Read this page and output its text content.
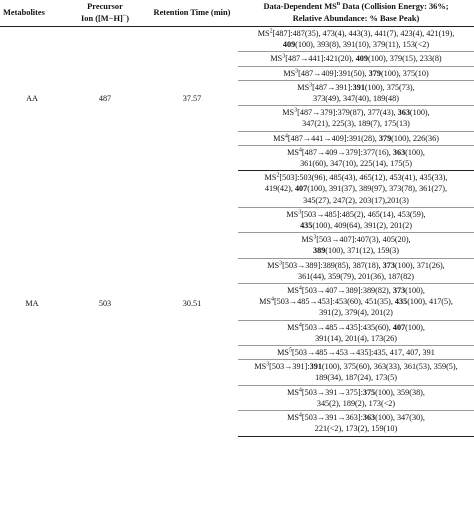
Metabolites	Precursor
Ion ([M−H]−)	Retention Time (min)	Data-Dependent $MS^n$ Data (Collision Energy: 36%;
Relative Abundance: % Base Peak)
AA	487	37.57	$MS^2[487]:487(35)$, 473(4), 443(3), 441(7), 423(4), 421(19),
409(100), 393(8), 391(10), 379(11), 153(<2)

			$MS^3[487\to 441]:421(20)$, 409(100), 379(15), 233(8)

			$MS^3[487\to 409]:391(50)$, 379(100), 375(10)

			$MS^3[487\to 391]:391(100)$, 375(73),
373(49), 347(40), 189(48)

			$MS^3[487\to 379]:379(87)$, 377(43), 363(100),
347(21), 225(3), 189(7), 175(13)

			$MS^4[487\to 441\to 409]:391(28)$, 379(100), 226(36)

			$MS^4[487\to 409\to 379]:377(16)$, 363(100),
361(60), 347(10), 225(14), 175(5)

MA	503	30.51	$MS^2[503]:503(96)$, 485(43), 465(12), 453(41), 435(33),
419(42), 407(100), 391(37), 389(97), 373(78), 361(27),
345(27), 247(2), 203(17),201(3)

			$MS^3[503\to 485]:485(2)$, 465(14), 453(59),
435(100), 409(64), 391(2), 201(2)

			$MS^3[503\to 407]:407(3)$, 405(20),
389(100), 371(12), 159(3)

			$MS^3[503\to 389]:389(85)$, 387(18), 373(100), 371(26),
361(44), 359(79), 201(36), 187(82)

			$MS^4[503\to 407\to 389]:389(82)$, 373(100),
$MS^4[503\to 485\to 453]:453(60)$, 451(35), 435(100), 417(5),
391(2), 379(4), 201(2)

			$MS^4[503\to 485\to 435]:435(60)$, 407(100),
391(14), 201(4), 173(26)

			$MS^5[503\to 485\to 453\to 435]:435$, 417, 407, 391

			$MS^3[503\to 391]:391(100)$, 375(60), 363(33), 361(53), 359(5),
189(34), 187(24), 173(5)

			$MS^4[503\to 391\to 375]:375(100)$, 359(38),
345(2), 189(2), 173(<2)

			$MS^4[503\to 391\to 363]:363(100)$, 347(30),
221(<2), 173(2), 159(10)
